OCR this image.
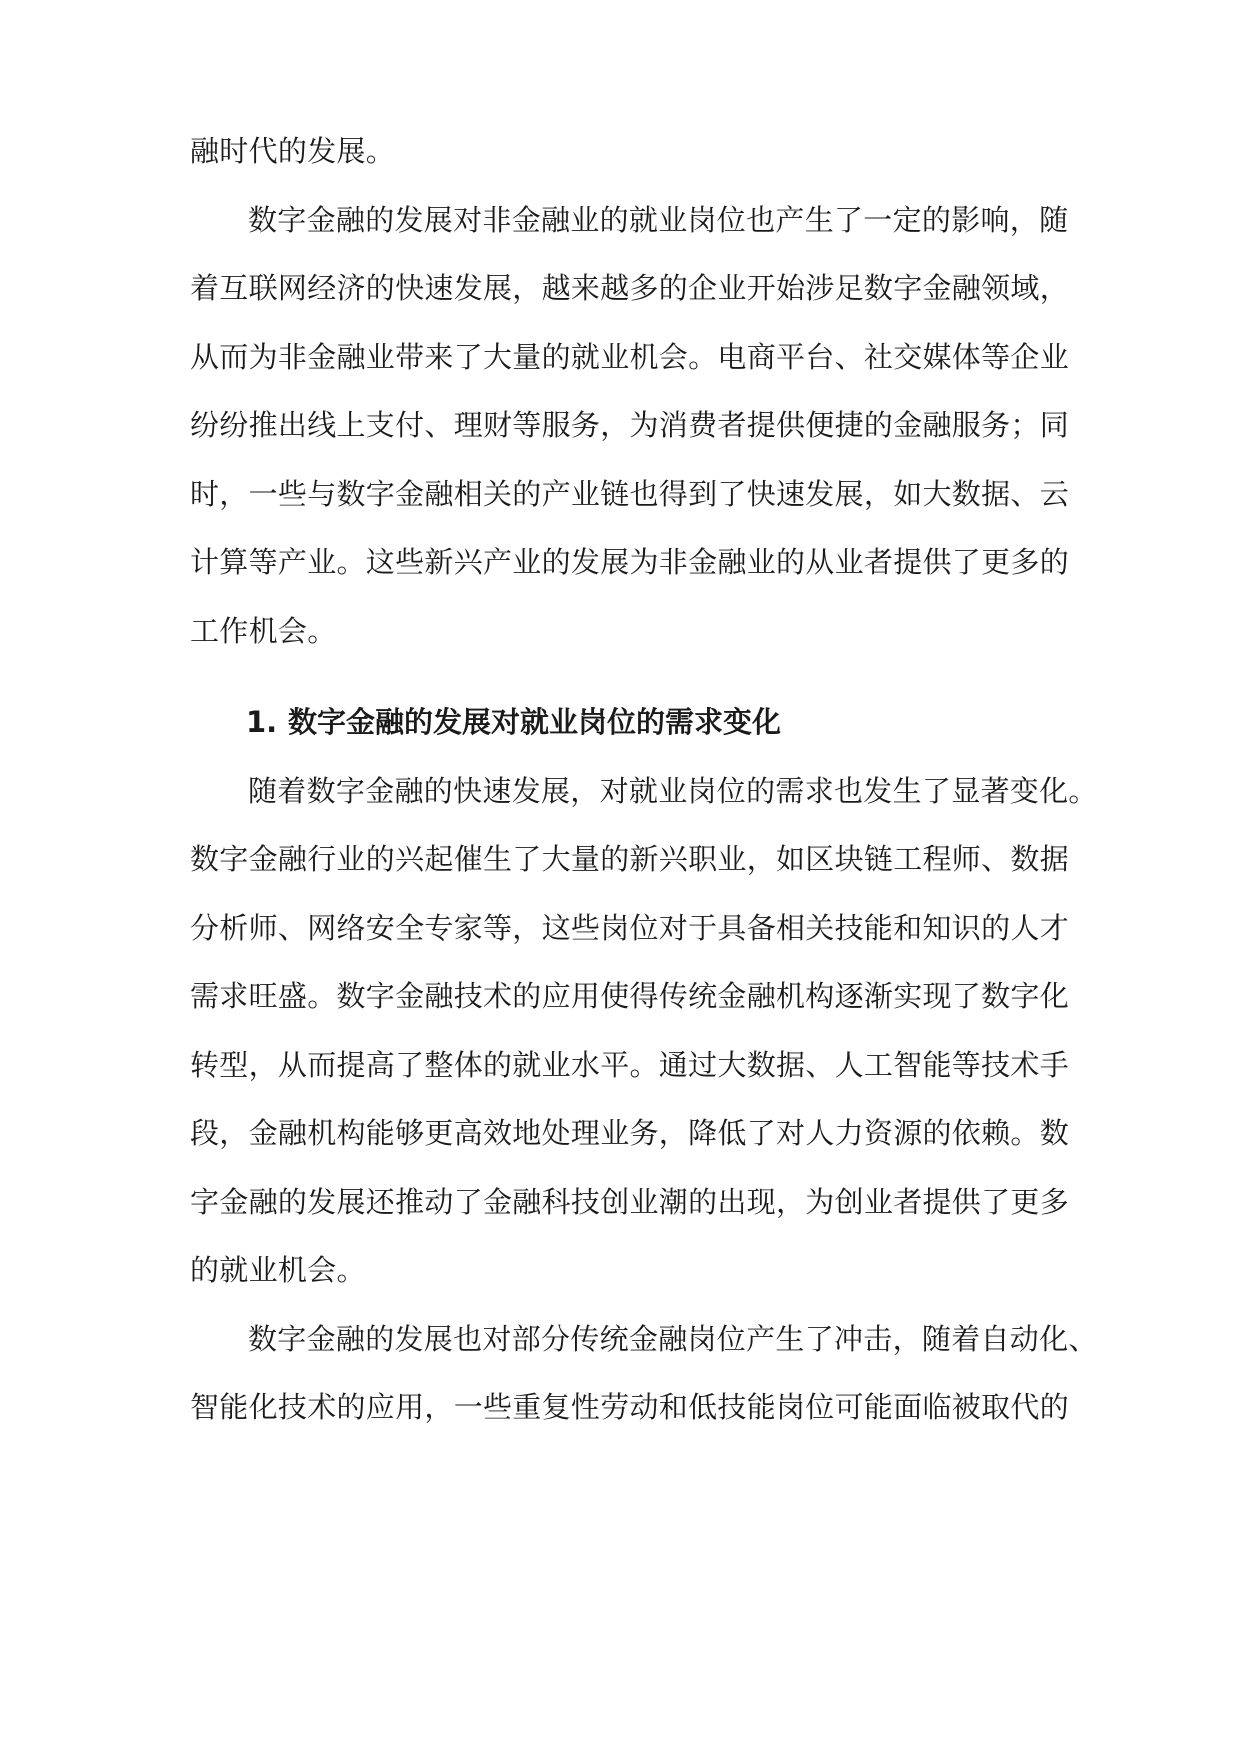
融时代的发展。
数字金融的发展对非金融业的就业岗位也产生了一定的影响，随
着互联网经济的快速发展，越来越多的企业开始涉足数字金融领域，
从而为非金融业带来了大量的就业机会。电商平台、社交媒体等企业
纷纷推出线上支付、理财等服务，为消费者提供便捷的金融服务；同
时，一些与数字金融相关的产业链也得到了快速发展，如大数据、云
计算等产业。这些新兴产业的发展为非金融业的从业者提供了更多的
工作机会。
1. 数字金融的发展对就业岗位的需求变化
随着数字金融的快速发展，对就业岗位的需求也发生了显著变化。
数字金融行业的兴起催生了大量的新兴职业，如区块链工程师、数据
分析师、网络安全专家等，这些岗位对于具备相关技能和知识的人才
需求旺盛。数字金融技术的应用使得传统金融机构逐渐实现了数字化
转型，从而提高了整体的就业水平。通过大数据、人工智能等技术手
段，金融机构能够更高效地处理业务，降低了对人力资源的依赖。数
字金融的发展还推动了金融科技创业潮的出现，为创业者提供了更多
的就业机会。
数字金融的发展也对部分传统金融岗位产生了冲击，随着自动化、
智能化技术的应用，一些重复性劳动和低技能岗位可能面临被取代的
